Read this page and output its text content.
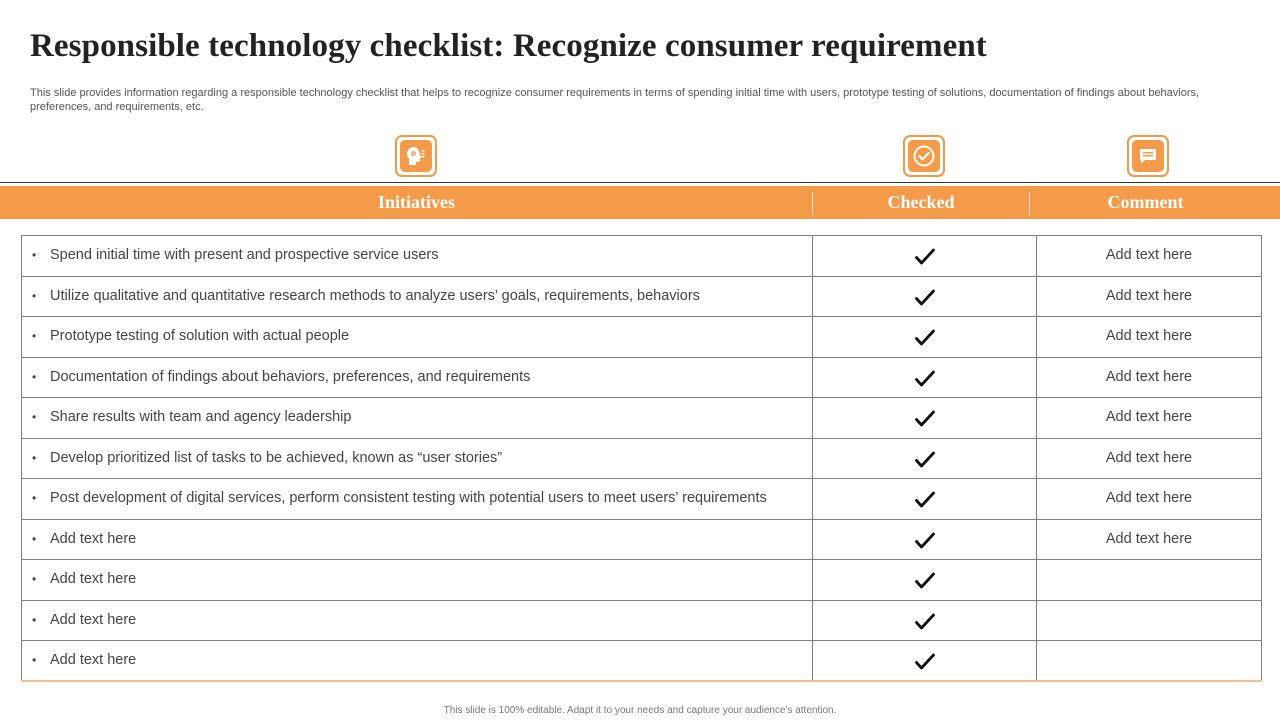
Responsible technology checklist: Recognize consumer requirement
This slide provides information regarding a responsible technology checklist that helps to recognize consumer requirements in terms of spending initial time with users, prototype testing of solutions, documentation of findings about behaviors, preferences, and requirements, etc.
Initiatives	Checked	Comment
• Spend initial time with present and prospective service users		Add text here
• Utilize qualitative and quantitative research methods to analyze users’ goals, requirements, behaviors		Add text here
• Prototype testing of solution with actual people		Add text here
• Documentation of findings about behaviors, preferences, and requirements		Add text here
• Share results with team and agency leadership		Add text here
• Develop prioritized list of tasks to be achieved, known as “user stories”		Add text here
• Post development of digital services, perform consistent testing with potential users to meet users’ requirements		Add text here
• Add text here		Add text here
• Add text here		
• Add text here		
• Add text here		
This slide is 100% editable. Adapt it to your needs and capture your audience's attention.
